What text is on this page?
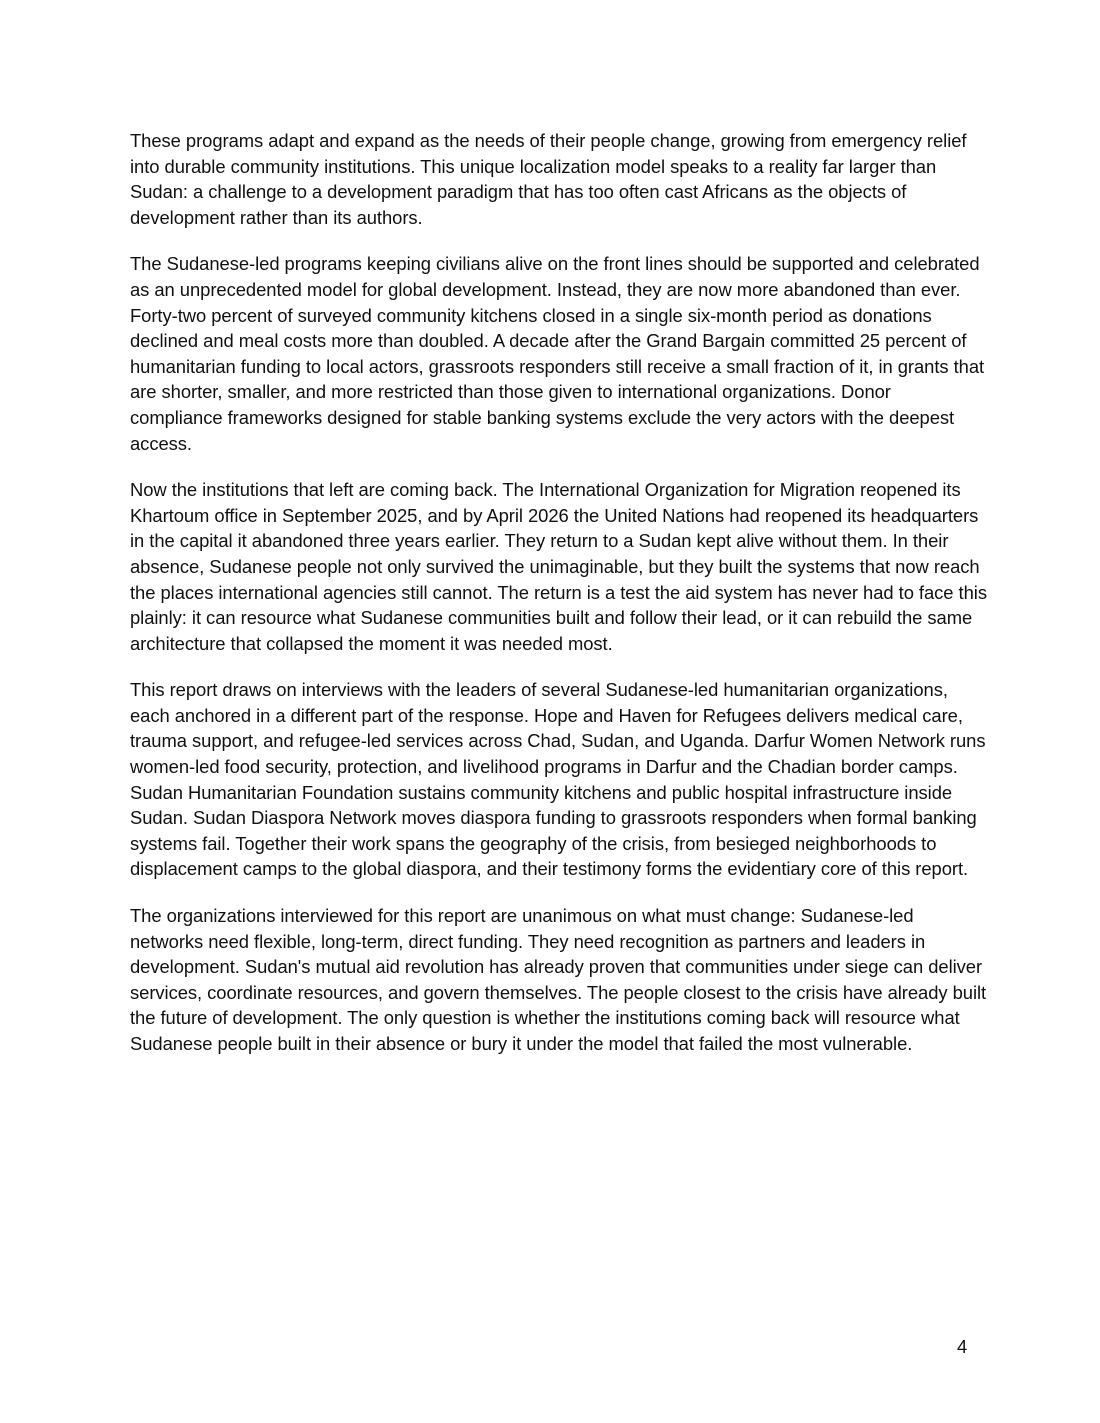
These programs adapt and expand as the needs of their people change, growing from emergency relief into durable community institutions. This unique localization model speaks to a reality far larger than Sudan: a challenge to a development paradigm that has too often cast Africans as the objects of development rather than its authors.

The Sudanese-led programs keeping civilians alive on the front lines should be supported and celebrated as an unprecedented model for global development. Instead, they are now more abandoned than ever. Forty-two percent of surveyed community kitchens closed in a single six-month period as donations declined and meal costs more than doubled. A decade after the Grand Bargain committed 25 percent of humanitarian funding to local actors, grassroots responders still receive a small fraction of it, in grants that are shorter, smaller, and more restricted than those given to international organizations. Donor compliance frameworks designed for stable banking systems exclude the very actors with the deepest access.

Now the institutions that left are coming back. The International Organization for Migration reopened its Khartoum office in September 2025, and by April 2026 the United Nations had reopened its headquarters in the capital it abandoned three years earlier. They return to a Sudan kept alive without them. In their absence, Sudanese people not only survived the unimaginable, but they built the systems that now reach the places international agencies still cannot. The return is a test the aid system has never had to face this plainly: it can resource what Sudanese communities built and follow their lead, or it can rebuild the same architecture that collapsed the moment it was needed most.

This report draws on interviews with the leaders of several Sudanese-led humanitarian organizations, each anchored in a different part of the response. Hope and Haven for Refugees delivers medical care, trauma support, and refugee-led services across Chad, Sudan, and Uganda. Darfur Women Network runs women-led food security, protection, and livelihood programs in Darfur and the Chadian border camps. Sudan Humanitarian Foundation sustains community kitchens and public hospital infrastructure inside Sudan. Sudan Diaspora Network moves diaspora funding to grassroots responders when formal banking systems fail. Together their work spans the geography of the crisis, from besieged neighborhoods to displacement camps to the global diaspora, and their testimony forms the evidentiary core of this report.

The organizations interviewed for this report are unanimous on what must change: Sudanese-led networks need flexible, long-term, direct funding. They need recognition as partners and leaders in development. Sudan's mutual aid revolution has already proven that communities under siege can deliver services, coordinate resources, and govern themselves. The people closest to the crisis have already built the future of development. The only question is whether the institutions coming back will resource what Sudanese people built in their absence or bury it under the model that failed the most vulnerable.

4
